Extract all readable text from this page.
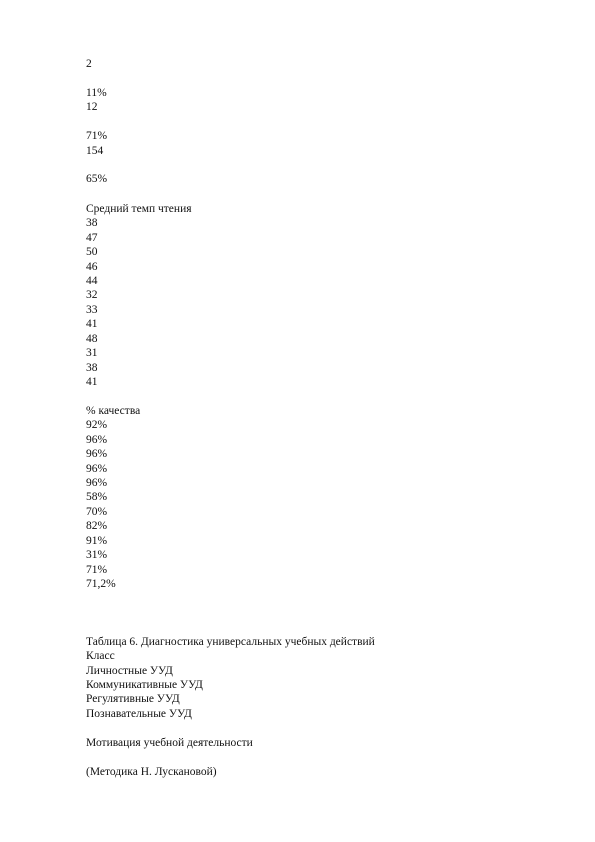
2

11%

12

71%

154

65%

Средний темп чтения

38

47

50

46

44

32

33

41

48

31

38

41

% качества

92%

96%

96%

96%

96%

58%

70%

82%

91%

31%

71%

71,2%

Таблица 6. Диагностика универсальных учебных действий

Класс

Личностные УУД

Коммуникативные УУД

Регулятивные УУД

Познавательные УУД

Мотивация учебной деятельности

(Методика Н. Лускановой)
